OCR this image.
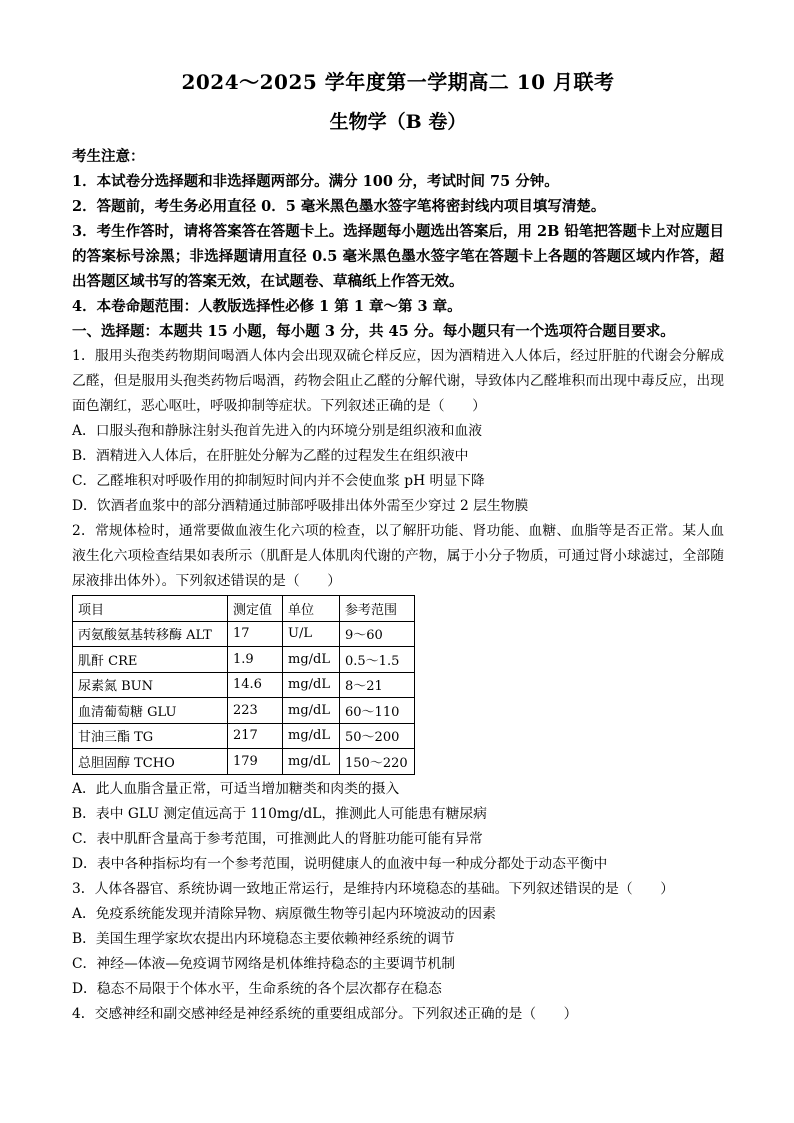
2024～2025 学年度第一学期高二 10 月联考
生物学（B 卷）
考生注意：
1．本试卷分选择题和非选择题两部分。满分 100 分，考试时间 75 分钟。
2．答题前，考生务必用直径 0．5 毫米黑色墨水签字笔将密封线内项目填写清楚。
3．考生作答时，请将答案答在答题卡上。选择题每小题选出答案后，用 2B 铅笔把答题卡上对应题目的答案标号涂黑；非选择题请用直径 0.5 毫米黑色墨水签字笔在答题卡上各题的答题区域内作答，超出答题区域书写的答案无效，在试题卷、草稿纸上作答无效。
4．本卷命题范围：人教版选择性必修 1 第 1 章～第 3 章。
一、选择题：本题共 15 小题，每小题 3 分，共 45 分。每小题只有一个选项符合题目要求。
1．服用头孢类药物期间喝酒人体内会出现双硫仑样反应，因为酒精进入人体后，经过肝脏的代谢会分解成乙醛，但是服用头孢类药物后喝酒，药物会阻止乙醛的分解代谢，导致体内乙醛堆积而出现中毒反应，出现面色潮红，恶心呕吐，呼吸抑制等症状。下列叙述正确的是（　　）
A．口服头孢和静脉注射头孢首先进入的内环境分别是组织液和血液
B．酒精进入人体后，在肝脏处分解为乙醛的过程发生在组织液中
C．乙醛堆积对呼吸作用的抑制短时间内并不会使血浆 pH 明显下降
D．饮酒者血浆中的部分酒精通过肺部呼吸排出体外需至少穿过 2 层生物膜
2．常规体检时，通常要做血液生化六项的检查，以了解肝功能、肾功能、血糖、血脂等是否正常。某人血液生化六项检查结果如表所示（肌酐是人体肌肉代谢的产物，属于小分子物质，可通过肾小球滤过，全部随尿液排出体外）。下列叙述错误的是（　　）
项目	测定值	单位	参考范围
丙氨酸氨基转移酶 ALT	17	U/L	9～60
肌酐 CRE	1.9	mg/dL	0.5～1.5
尿素氮 BUN	14.6	mg/dL	8～21
血清葡萄糖 GLU	223	mg/dL	60～110
甘油三酯 TG	217	mg/dL	50～200
总胆固醇 TCHO	179	mg/dL	150～220
A．此人血脂含量正常，可适当增加糖类和肉类的摄入
B．表中 GLU 测定值远高于 110mg/dL，推测此人可能患有糖尿病
C．表中肌酐含量高于参考范围，可推测此人的肾脏功能可能有异常
D．表中各种指标均有一个参考范围，说明健康人的血液中每一种成分都处于动态平衡中
3．人体各器官、系统协调一致地正常运行，是维持内环境稳态的基础。下列叙述错误的是（　　）
A．免疫系统能发现并清除异物、病原微生物等引起内环境波动的因素
B．美国生理学家坎农提出内环境稳态主要依赖神经系统的调节
C．神经—体液—免疫调节网络是机体维持稳态的主要调节机制
D．稳态不局限于个体水平，生命系统的各个层次都存在稳态
4．交感神经和副交感神经是神经系统的重要组成部分。下列叙述正确的是（　　）
